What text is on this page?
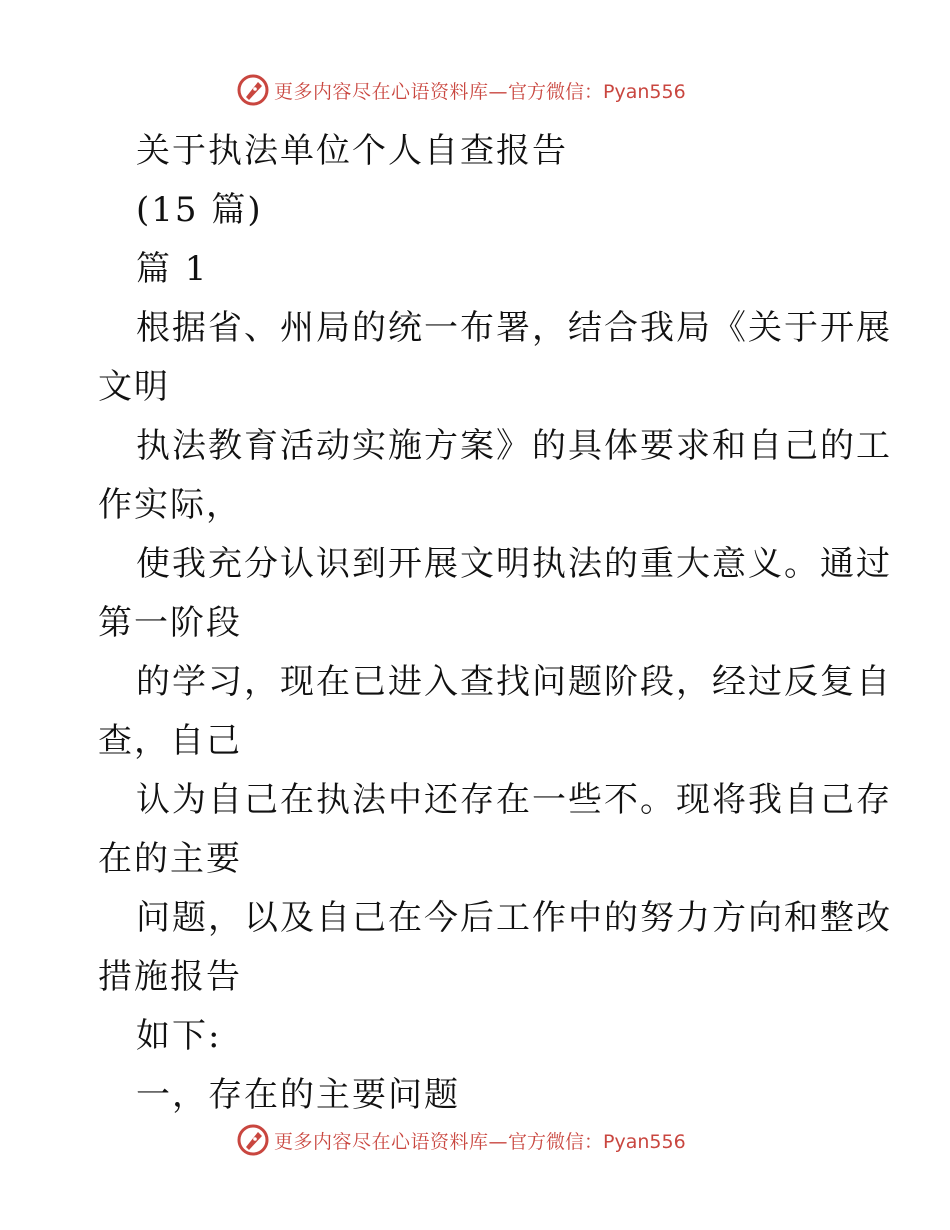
更多内容尽在心语资料库— 官方微信：Pyan556
关于执法单位个人自查报告
(15 篇)
篇 1
根据省、州局的统一布署，结合我局《关于开展
文明
执法教育活动实施方案》的具体要求和自己的工
作实际，
使我充分认识到开展文明执法的重大意义。通过
第一阶段
的学习，现在已进入查找问题阶段，经过反复自
查，自己
认为自己在执法中还存在一些不。现将我自己存
在的主要
问题，以及自己在今后工作中的努力方向和整改
措施报告
如下:
一，存在的主要问题
更多内容尽在心语资料库— 官方微信：Pyan556
